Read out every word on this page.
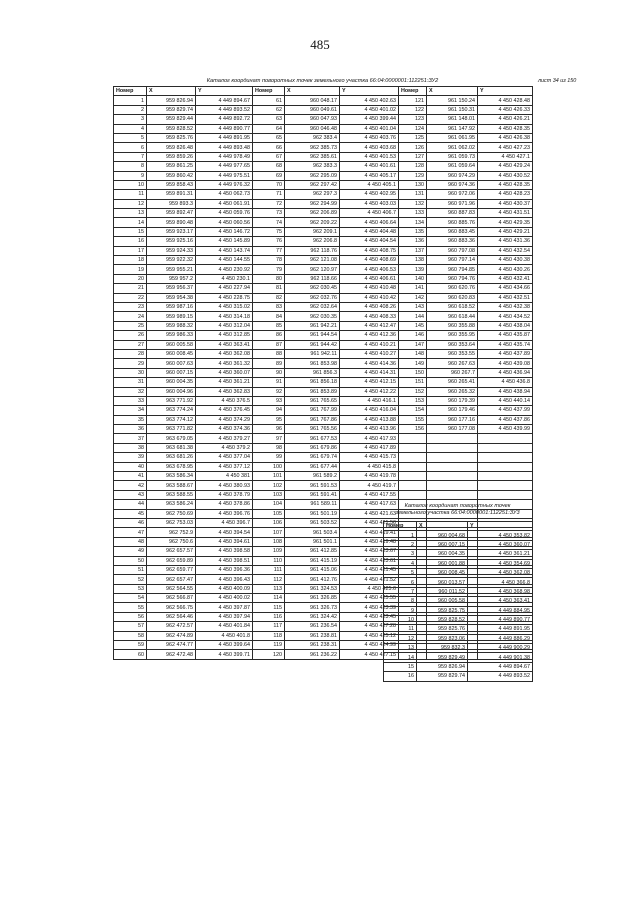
485
Каталог координат поворотных точек земельного участка 66:04:0000001:112251:ЗУ2	лист 34 из 150
Номер	X	Y	Номер	X	Y	Номер	X	Y
1	959 826.94	4 449 894.67	61	960 048.17	4 450 402.63	121	961 150.24	4 450 428.48
2	959 829.74	4 449 893.52	62	960 049.61	4 450 401.02	122	961 150.31	4 450 426.33
3	959 829.44	4 449 892.72	63	960 047.93	4 450 399.44	123	961 148.01	4 450 426.21
4	959 828.52	4 449 890.77	64	960 046.48	4 450 401.04	124	961 147.92	4 450 428.35
5	959 825.76	4 449 891.95	65	962 383.4	4 450 403.76	125	961 061.95	4 450 426.38
6	959 826.48	4 449 893.48	66	962 385.73	4 450 403.68	126	961 062.02	4 450 427.23
7	959 859.26	4 449 978.49	67	962 385.61	4 450 401.53	127	961 059.73	4 450 427.1
8	959 861.25	4 449 977.65	68	962 383.3	4 450 401.61	128	961 059.64	4 450 429.24
9	959 860.42	4 449 975.51	69	962 295.09	4 450 405.17	129	960 974.29	4 450 430.52
10	959 858.43	4 449 976.32	70	962 297.42	4 450 405.1	130	960 974.36	4 450 428.35
11	959 891.31	4 450 062.73	71	962 297.3	4 450 402.95	131	960 972.06	4 450 428.23
12	959 893.3	4 450 061.91	72	962 294.99	4 450 403.03	132	960 971.96	4 450 430.37
13	959 892.47	4 450 059.76	73	962 206.89	4 450 406.7	133	960 887.83	4 450 431.51
14	959 890.48	4 450 060.56	74	962 209.22	4 450 406.64	134	960 885.76	4 450 429.35
15	959 923.17	4 450 146.72	75	962 209.1	4 450 404.48	135	960 883.45	4 450 429.21
16	959 925.16	4 450 145.89	76	962 206.8	4 450 404.54	136	960 883.36	4 450 431.36
17	959 924.33	4 450 143.74	77	962 118.76	4 450 408.75	137	960 797.08	4 450 432.54
18	959 922.32	4 450 144.55	78	962 121.08	4 450 408.69	138	960 797.14	4 450 430.38
19	959 955.21	4 450 230.92	79	962 120.97	4 450 406.53	139	960 794.85	4 450 430.26
20	959 957.2	4 450 230.1	80	962 118.66	4 450 406.61	140	960 794.76	4 450 432.41
21	959 956.37	4 450 227.94	81	962 030.45	4 450 410.48	141	960 620.76	4 450 434.66
22	959 954.38	4 450 228.75	82	962 032.76	4 450 410.42	142	960 620.83	4 450 432.51
23	959 987.16	4 450 315.02	83	962 032.64	4 450 408.26	143	960 618.52	4 450 432.38
24	959 989.15	4 450 314.18	84	962 030.35	4 450 408.33	144	960 618.44	4 450 434.52
25	959 988.32	4 450 312.04	85	961 942.21	4 450 412.47	145	960 355.88	4 450 438.04
26	959 986.33	4 450 312.85	86	961 944.54	4 450 412.36	146	960 355.95	4 450 435.87
27	960 005.58	4 450 363.41	87	961 944.42	4 450 410.21	147	960 353.64	4 450 435.74
28	960 008.45	4 450 362.08	88	961 942.11	4 450 410.27	148	960 353.55	4 450 437.89
29	960 007.63	4 450 361.32	89	961 853.98	4 450 414.36	149	960 267.63	4 450 439.08
30	960 007.15	4 450 360.07	90	961 856.3	4 450 414.31	150	960 267.7	4 450 436.94
31	960 004.35	4 450 361.21	91	961 856.18	4 450 412.15	151	960 265.41	4 450 436.8
32	960 004.96	4 450 362.83	92	961 853.89	4 450 412.22	152	960 265.32	4 450 438.94
33	963 771.92	4 450 376.5	93	961 765.65	4 450 416.1	153	960 179.39	4 450 440.14
34	963 774.24	4 450 376.45	94	961 767.99	4 450 416.04	154	960 179.46	4 450 437.99
35	963 774.12	4 450 374.29	95	961 767.86	4 450 413.88	155	960 177.16	4 450 437.86
36	963 771.82	4 450 374.36	96	961 765.56	4 450 413.96	156	960 177.08	4 450 439.99
37	963 679.05	4 450 379.27	97	961 677.53	4 450 417.93			
38	963 681.38	4 450 379.2	98	961 679.86	4 450 417.89			
39	963 681.26	4 450 377.04	99	961 679.74	4 450 415.73			
40	963 678.95	4 450 377.12	100	961 677.44	4 450 415.8			
41	963 586.34	4 450 381	101	961 589.2	4 450 419.78			
42	963 588.67	4 450 380.93	102	961 591.53	4 450 419.7			
43	963 588.55	4 450 378.79	103	961 591.41	4 450 417.55			
44	963 586.24	4 450 378.86	104	961 589.11	4 450 417.63			
45	962 750.69	4 450 396.76	105	961 501.19	4 450 421.63			
46	962 753.03	4 450 396.7	106	961 503.52	4 450 421.56			
47	962 752.9	4 450 394.54	107	961 503.4	4 450 419.41			
48	962 750.6	4 450 394.61	108	961 501.1	4 450 419.48			
49	962 657.57	4 450 398.58	109	961 412.85	4 450 423.67			
50	962 659.89	4 450 398.51	110	961 415.19	4 450 423.61			
51	962 659.77	4 450 396.36	111	961 415.06	4 450 421.45			
52	962 657.47	4 450 396.43	112	961 412.76	4 450 421.52			
53	962 564.55	4 450 400.09	113	961 324.53	4 450 425.6			
54	962 566.87	4 450 400.02	114	961 326.85	4 450 425.55			
55	962 566.75	4 450 397.87	115	961 326.73	4 450 423.39			
56	962 564.46	4 450 397.94	116	961 324.42	4 450 423.45			
57	962 472.57	4 450 401.84	117	961 236.54	4 450 427.28			
58	962 474.89	4 450 401.8	118	961 238.81	4 450 425.12			
59	962 474.77	4 450 399.64	119	961 238.31	4 450 424.99			
60	962 472.48	4 450 399.71	120	961 236.22	4 450 427.15			
Каталог координат поворотных точек
земельного участка 66:04:0000001:112251:ЗУ3
Номер	X	Y
1	960 004.68	4 450 353.82
2	960 007.15	4 450 360.07
3	960 004.35	4 450 361.21
4	960 001.88	4 450 354.69
5	960 008.45	4 450 362.08
6	960 013.57	4 450 366.8
7	960 011.52	4 450 368.98
8	960 005.58	4 450 363.41
9	959 825.75	4 449 884.95
10	959 828.52	4 449 890.77
11	959 825.76	4 449 891.95
12	959 823.06	4 449 886.29
13	959 832.3	4 449 900.29
14	959 829.49	4 449 901.38
15	959 826.94	4 449 894.67
16	959 829.74	4 449 893.52
